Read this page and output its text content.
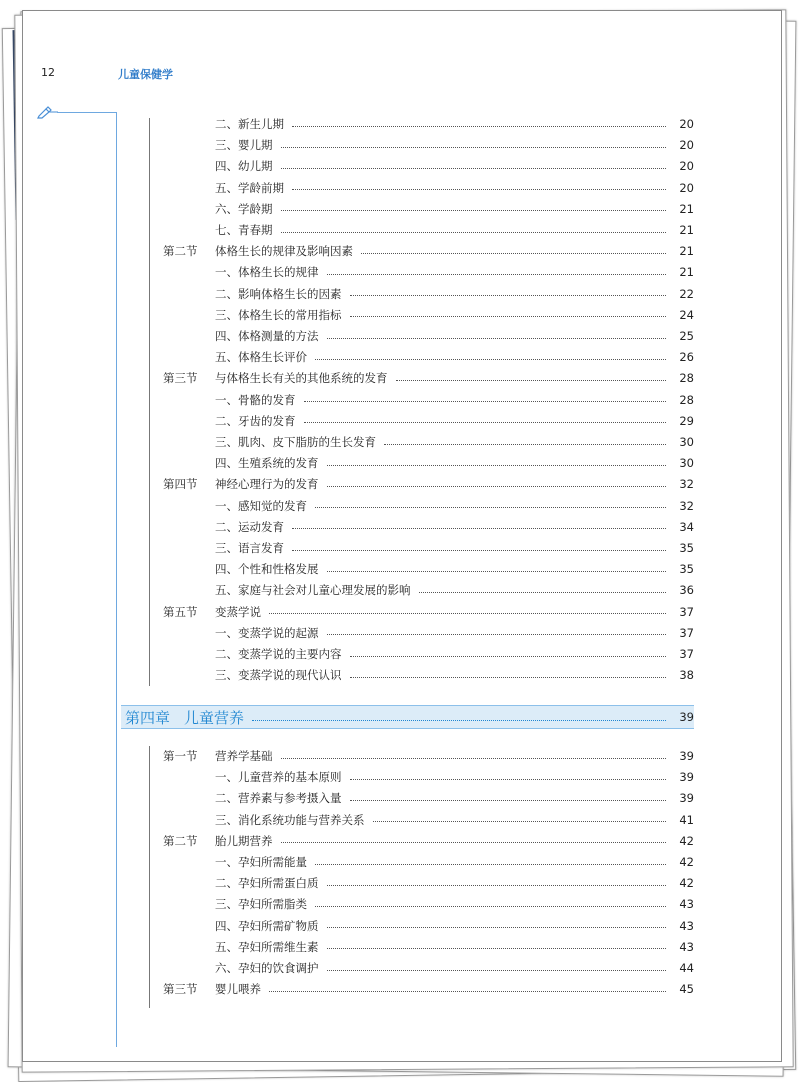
12	儿童保健学
二、新生儿期	20
三、婴儿期	20
四、幼儿期	20
五、学龄前期	20
六、学龄期	21
七、青春期	21
第二节	体格生长的规律及影响因素	21
一、体格生长的规律	21
二、影响体格生长的因素	22
三、体格生长的常用指标	24
四、体格测量的方法	25
五、体格生长评价	26
第三节	与体格生长有关的其他系统的发育	28
一、骨骼的发育	28
二、牙齿的发育	29
三、肌肉、皮下脂肪的生长发育	30
四、生殖系统的发育	30
第四节	神经心理行为的发育	32
一、感知觉的发育	32
二、运动发育	34
三、语言发育	35
四、个性和性格发展	35
五、家庭与社会对儿童心理发展的影响	36
第五节	变蒸学说	37
一、变蒸学说的起源	37
二、变蒸学说的主要内容	37
三、变蒸学说的现代认识	38
第四章 儿童营养	39
第一节	营养学基础	39
一、儿童营养的基本原则	39
二、营养素与参考摄入量	39
三、消化系统功能与营养关系	41
第二节	胎儿期营养	42
一、孕妇所需能量	42
二、孕妇所需蛋白质	42
三、孕妇所需脂类	43
四、孕妇所需矿物质	43
五、孕妇所需维生素	43
六、孕妇的饮食调护	44
第三节	婴儿喂养	45
